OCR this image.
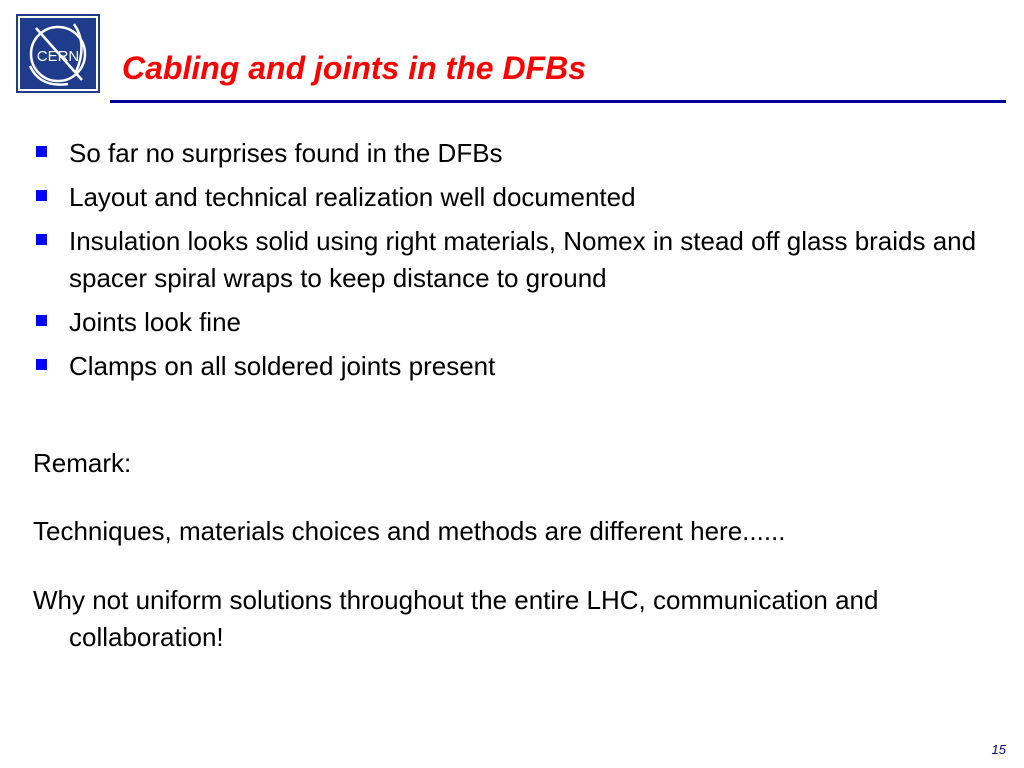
CERN Cabling and joints in the DFBs
So far no surprises found in the DFBs
Layout and technical realization well documented
Insulation looks solid using right materials, Nomex in stead off glass braids and spacer spiral wraps to keep distance to ground
Joints look fine
Clamps on all soldered joints present

Remark:

Techniques, materials choices and methods are different here......

Why not uniform solutions throughout the entire LHC, communication and collaboration!

15
